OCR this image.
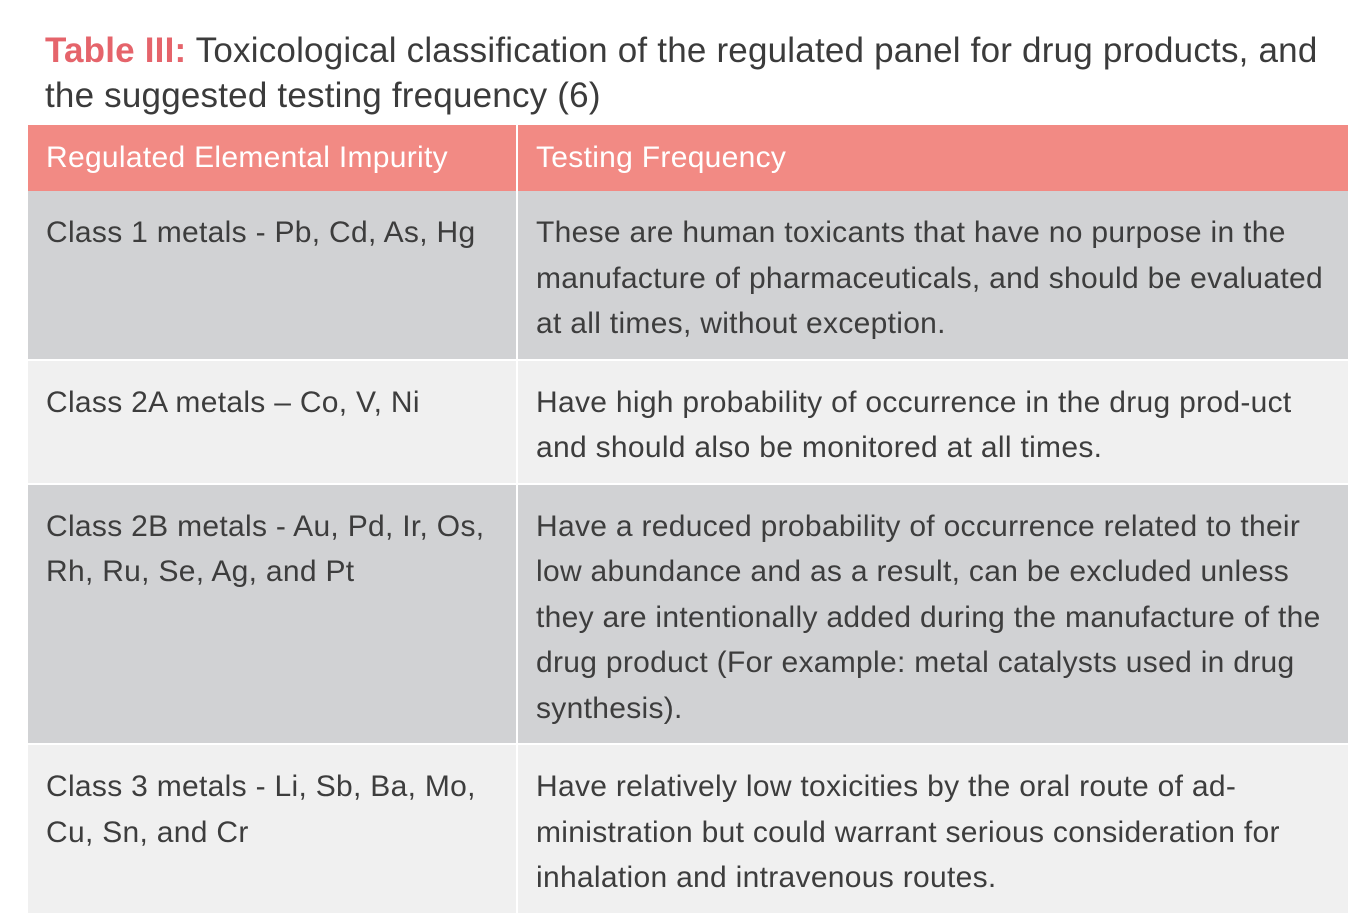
Table III: Toxicological classification of the regulated panel for drug products, and the suggested testing frequency (6)
Regulated Elemental Impurity	Testing Frequency
Class 1 metals - Pb, Cd, As, Hg	These are human toxicants that have no purpose in the manufacture of pharmaceuticals, and should be evaluated at all times, without exception.
Class 2A metals – Co, V, Ni	Have high probability of occurrence in the drug prod-uct and should also be monitored at all times.
Class 2B metals - Au, Pd, Ir, Os, Rh, Ru, Se, Ag, and Pt	Have a reduced probability of occurrence related to their low abundance and as a result, can be excluded unless they are intentionally added during the manufacture of the drug product (For example: metal catalysts used in drug synthesis).
Class 3 metals - Li, Sb, Ba, Mo, Cu, Sn, and Cr	Have relatively low toxicities by the oral route of ad-ministration but could warrant serious consideration for inhalation and intravenous routes.
